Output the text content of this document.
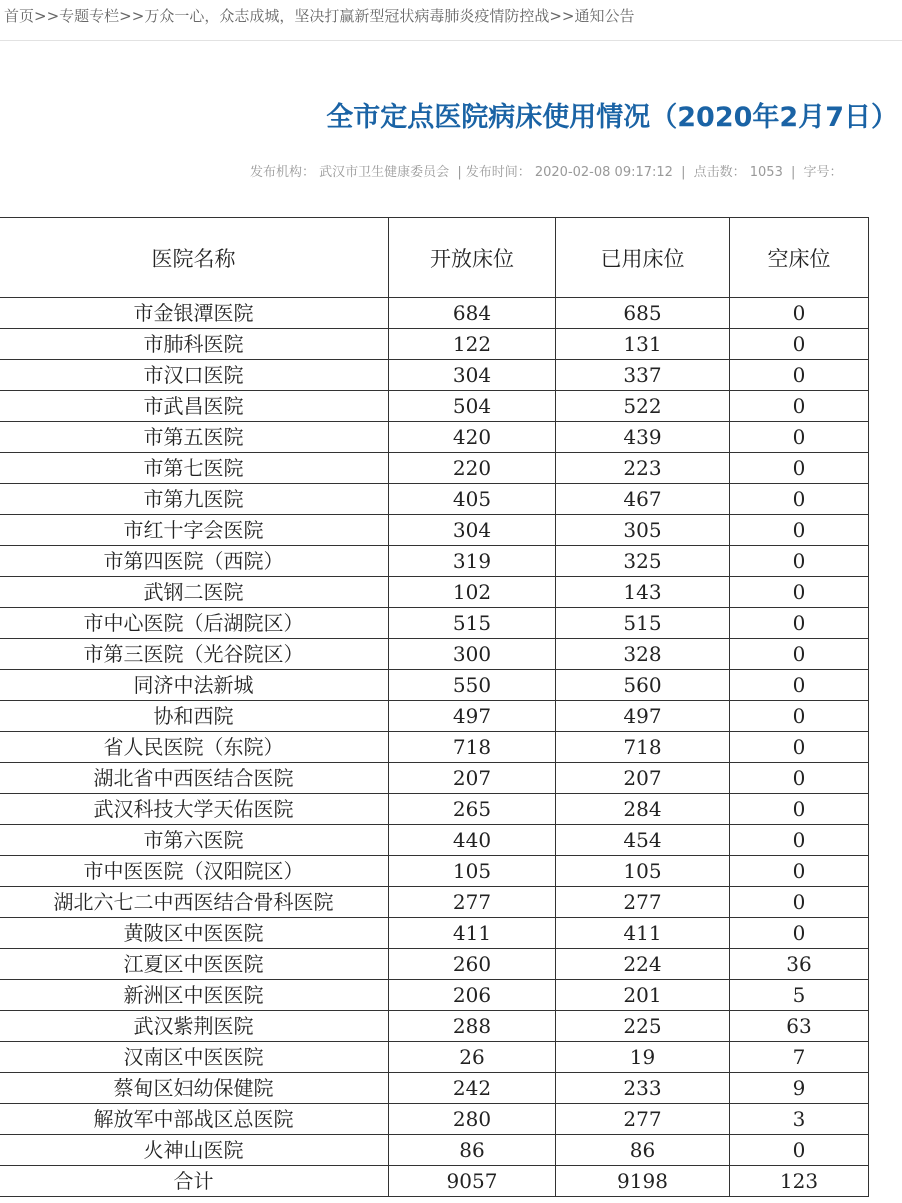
首页>>专题专栏>>万众一心，众志成城，坚决打赢新型冠状病毒肺炎疫情防控战>>通知公告
全市定点医院病床使用情况（2020年2月7日）
发布机构： 武汉市卫生健康委员会 | 发布时间： 2020-02-08 09:17:12 | 点击数： 1053 | 字号：
医院名称	开放床位	已用床位	空床位
市金银潭医院	684	685	0
市肺科医院	122	131	0
市汉口医院	304	337	0
市武昌医院	504	522	0
市第五医院	420	439	0
市第七医院	220	223	0
市第九医院	405	467	0
市红十字会医院	304	305	0
市第四医院（西院）	319	325	0
武钢二医院	102	143	0
市中心医院（后湖院区）	515	515	0
市第三医院（光谷院区）	300	328	0
同济中法新城	550	560	0
协和西院	497	497	0
省人民医院（东院）	718	718	0
湖北省中西医结合医院	207	207	0
武汉科技大学天佑医院	265	284	0
市第六医院	440	454	0
市中医医院（汉阳院区）	105	105	0
湖北六七二中西医结合骨科医院	277	277	0
黄陂区中医医院	411	411	0
江夏区中医医院	260	224	36
新洲区中医医院	206	201	5
武汉紫荆医院	288	225	63
汉南区中医医院	26	19	7
蔡甸区妇幼保健院	242	233	9
解放军中部战区总医院	280	277	3
火神山医院	86	86	0
合计	9057	9198	123
